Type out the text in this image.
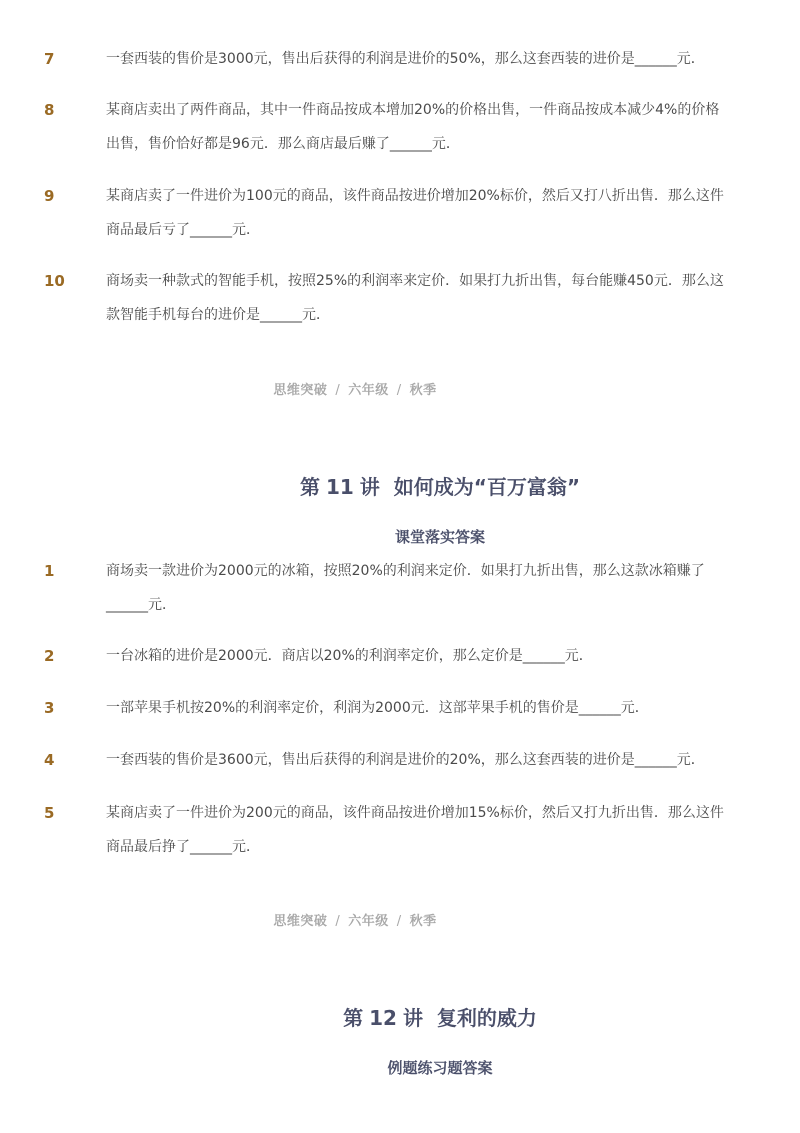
7	一套西装的售价是3000元，售出后获得的利润是进价的50%，那么这套西装的进价是______元．
8	某商店卖出了两件商品，其中一件商品按成本增加20%的价格出售，一件商品按成本减少4%的价格出售，售价恰好都是96元．那么商店最后赚了______元．
9	某商店卖了一件进价为100元的商品，该件商品按进价增加20%标价，然后又打八折出售．那么这件商品最后亏了______元．
10	商场卖一种款式的智能手机，按照25%的利润率来定价．如果打九折出售，每台能赚450元．那么这款智能手机每台的进价是______元．
思维突破 / 六年级 / 秋季
第 11 讲 如何成为“百万富翁”
课堂落实答案
1	商场卖一款进价为2000元的冰箱，按照20%的利润来定价．如果打九折出售，那么这款冰箱赚了______元．
2	一台冰箱的进价是2000元．商店以20%的利润率定价，那么定价是______元．
3	一部苹果手机按20%的利润率定价，利润为2000元．这部苹果手机的售价是______元．
4	一套西装的售价是3600元，售出后获得的利润是进价的20%，那么这套西装的进价是______元．
5	某商店卖了一件进价为200元的商品，该件商品按进价增加15%标价，然后又打九折出售．那么这件商品最后挣了______元．
思维突破 / 六年级 / 秋季
第 12 讲 复利的威力
例题练习题答案
